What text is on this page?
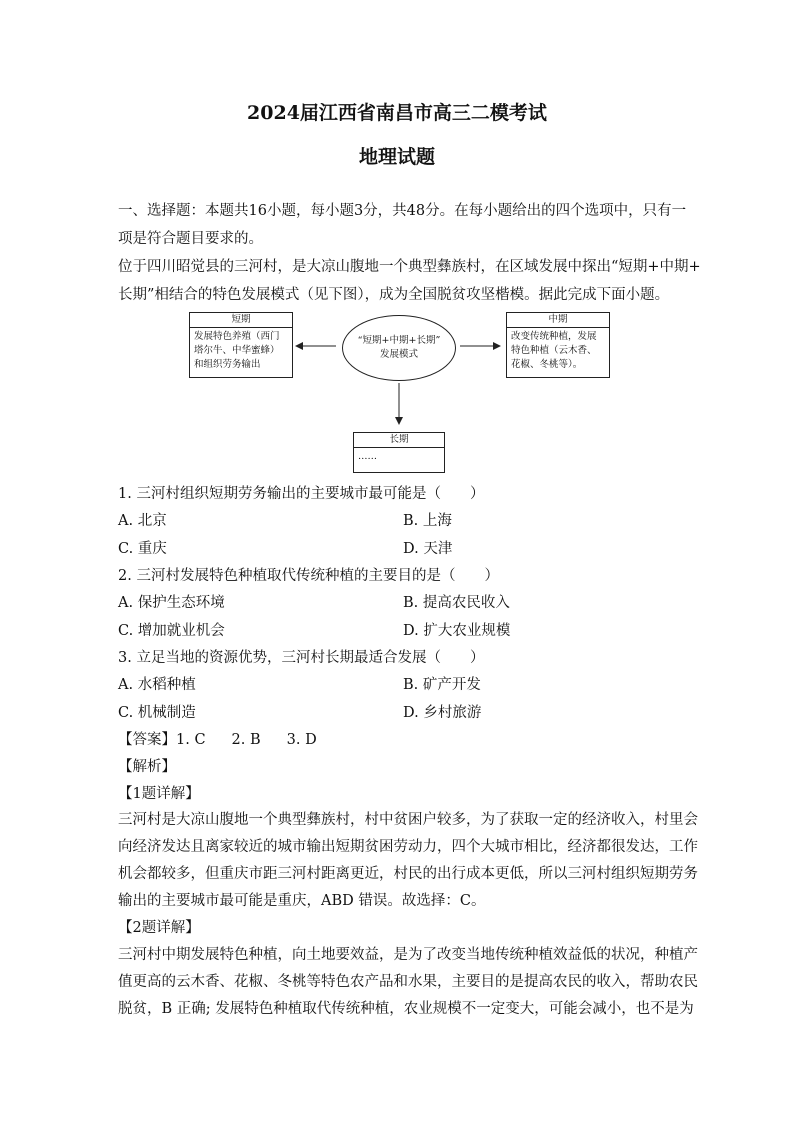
2024届江西省南昌市高三二模考试
地理试题
一、选择题：本题共16小题，每小题3分，共48分。在每小题给出的四个选项中，只有一
项是符合题目要求的。
位于四川昭觉县的三河村，是大凉山腹地一个典型彝族村，在区域发展中探出“短期+中期+
长期”相结合的特色发展模式（见下图），成为全国脱贫攻坚楷模。据此完成下面小题。
短期
发展特色养殖（西门塔尔牛、中华蜜蜂）和组织劳务输出
“短期+中期+长期”
发展模式
中期
改变传统种植，发展特色种植（云木香、花椒、冬桃等）。
长期
……
1. 三河村组织短期劳务输出的主要城市最可能是（　　）
A. 北京	B. 上海
C. 重庆	D. 天津
2. 三河村发展特色种植取代传统种植的主要目的是（　　）
A. 保护生态环境	B. 提高农民收入
C. 增加就业机会	D. 扩大农业规模
3. 立足当地的资源优势，三河村长期最适合发展（　　）
A. 水稻种植	B. 矿产开发
C. 机械制造	D. 乡村旅游
【答案】1. C 2. B 3. D
【解析】
【1题详解】
三河村是大凉山腹地一个典型彝族村，村中贫困户较多，为了获取一定的经济收入，村里会
向经济发达且离家较近的城市输出短期贫困劳动力，四个大城市相比，经济都很发达，工作
机会都较多，但重庆市距三河村距离更近，村民的出行成本更低，所以三河村组织短期劳务
输出的主要城市最可能是重庆，ABD 错误。故选择：C。
【2题详解】
三河村中期发展特色种植，向土地要效益，是为了改变当地传统种植效益低的状况，种植产
值更高的云木香、花椒、冬桃等特色农产品和水果，主要目的是提高农民的收入，帮助农民
脱贫，B 正确; 发展特色种植取代传统种植，农业规模不一定变大，可能会减小，也不是为
